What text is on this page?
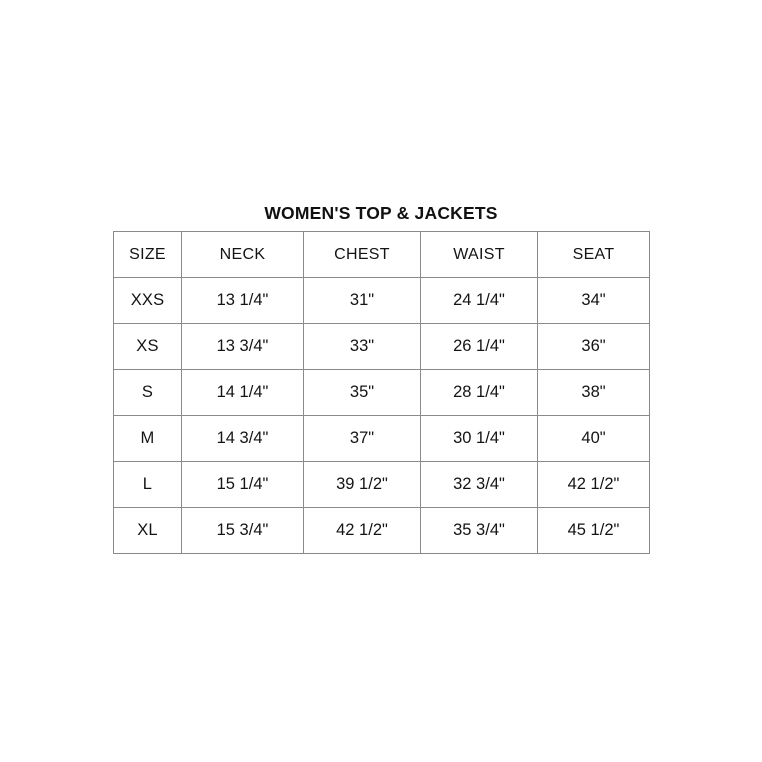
WOMEN'S TOP & JACKETS
SIZE	NECK	CHEST	WAIST	SEAT
XXS	13 1/4"	31"	24 1/4"	34"
XS	13 3/4"	33"	26 1/4"	36"
S	14 1/4"	35"	28 1/4"	38"
M	14 3/4"	37"	30 1/4"	40"
L	15 1/4"	39 1/2"	32 3/4"	42 1/2"
XL	15 3/4"	42 1/2"	35 3/4"	45 1/2"
